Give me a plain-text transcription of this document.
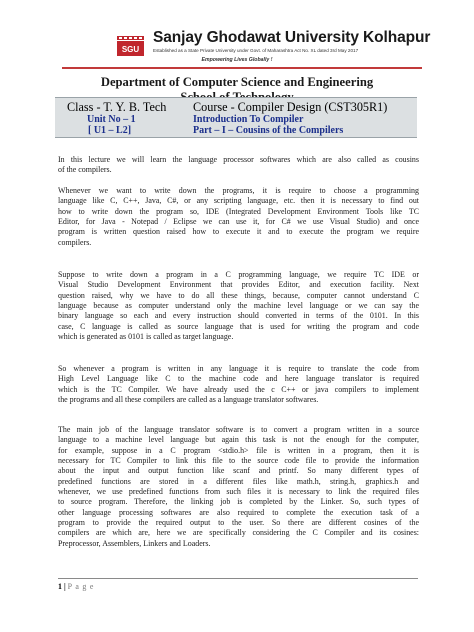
SGU
Sanjay Ghodawat University Kolhapur
Established as a State Private University under Govt. of Maharashtra Act No. XL dated 3rd May 2017
Empowering Lives Globally !
Department of Computer Science and Engineering
Class - T. Y. B. Tech Course - Compiler Design (CST305R1)
Unit No – 1	Introduction To Compiler
[ U1 – L2]	Part – I – Cousins of the Compilers
In this lecture we will learn the language processor softwares which are also called as cousins
of the compilers.
Whenever we want to write down the programs, it is require to choose a programming
language like C, C++, Java, C#, or any scripting language, etc. then it is necessary to find out
how to write down the program so, IDE (Integrated Development Environment Tools like TC
Editor, for Java - Notepad / Eclipse we can use it, for C# we use Visual Studio) and once
program is written question raised how to execute it and to execute the program we require
compilers.
Suppose to write down a program in a C programming language, we require TC IDE or
Visual Studio Development Environment that provides Editor, and execution facility. Next
question raised, why we have to do all these things, because, computer cannot understand C
language because as computer understand only the machine level language or we can say the
binary language so each and every instruction should converted in terms of the 0101. In this
case, C language is called as source language that is used for writing the program and code
which is generated as 0101 is called as target language.
So whenever a program is written in any language it is require to translate the code from
High Level Language like C to the machine code and here language translator is required
which is the TC Compiler. We have already used the c C++ or java compilers to implement
the programs and all these compilers are called as a language translator softwares.
The main job of the language translator software is to convert a program written in a source
language to a machine level language but again this task is not the enough for the computer,
for example, suppose in a C program <stdio.h> file is written in a program, then it is
necessary for TC Compiler to link this file to the source code file to provide the information
about the input and output function like scanf and printf. So many different types of
predefined functions are stored in a different files like math.h, string.h, graphics.h and
whenever, we use predefined functions from such files it is necessary to link the required files
to source program. Therefore, the linking job is completed by the Linker. So, such types of
other language processing softwares are also required to complete the execution task of a
program to provide the required output to the user. So there are different cosines of the
compilers are which are, here we are specifically considering the C Compiler and its cosines:
Preprocessor, Assemblers, Linkers and Loaders.
1 | P a g e
